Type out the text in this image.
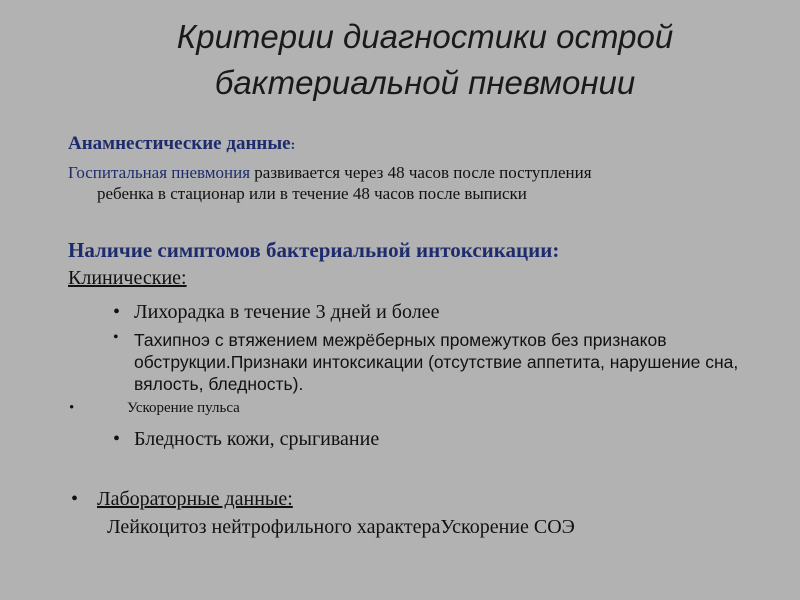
Критерии диагностики острой
бактериальной пневмонии
Анамнестические данные:
Госпитальная пневмония развивается через 48 часов после поступления
ребенка в стационар или в течение 48 часов после выписки
Наличие симптомов бактериальной интоксикации:
Клинические:
• Лихорадка в течение 3 дней и более
• Тахипноэ с втяжением межрёберных промежутков без признаков обструкции.Признаки интоксикации (отсутствие аппетита, нарушение сна, вялость, бледность).
•	Ускорение пульса
• Бледность кожи, срыгивание
• Лабораторные данные:
Лейкоцитоз нейтрофильного характераУскорение СОЭ
